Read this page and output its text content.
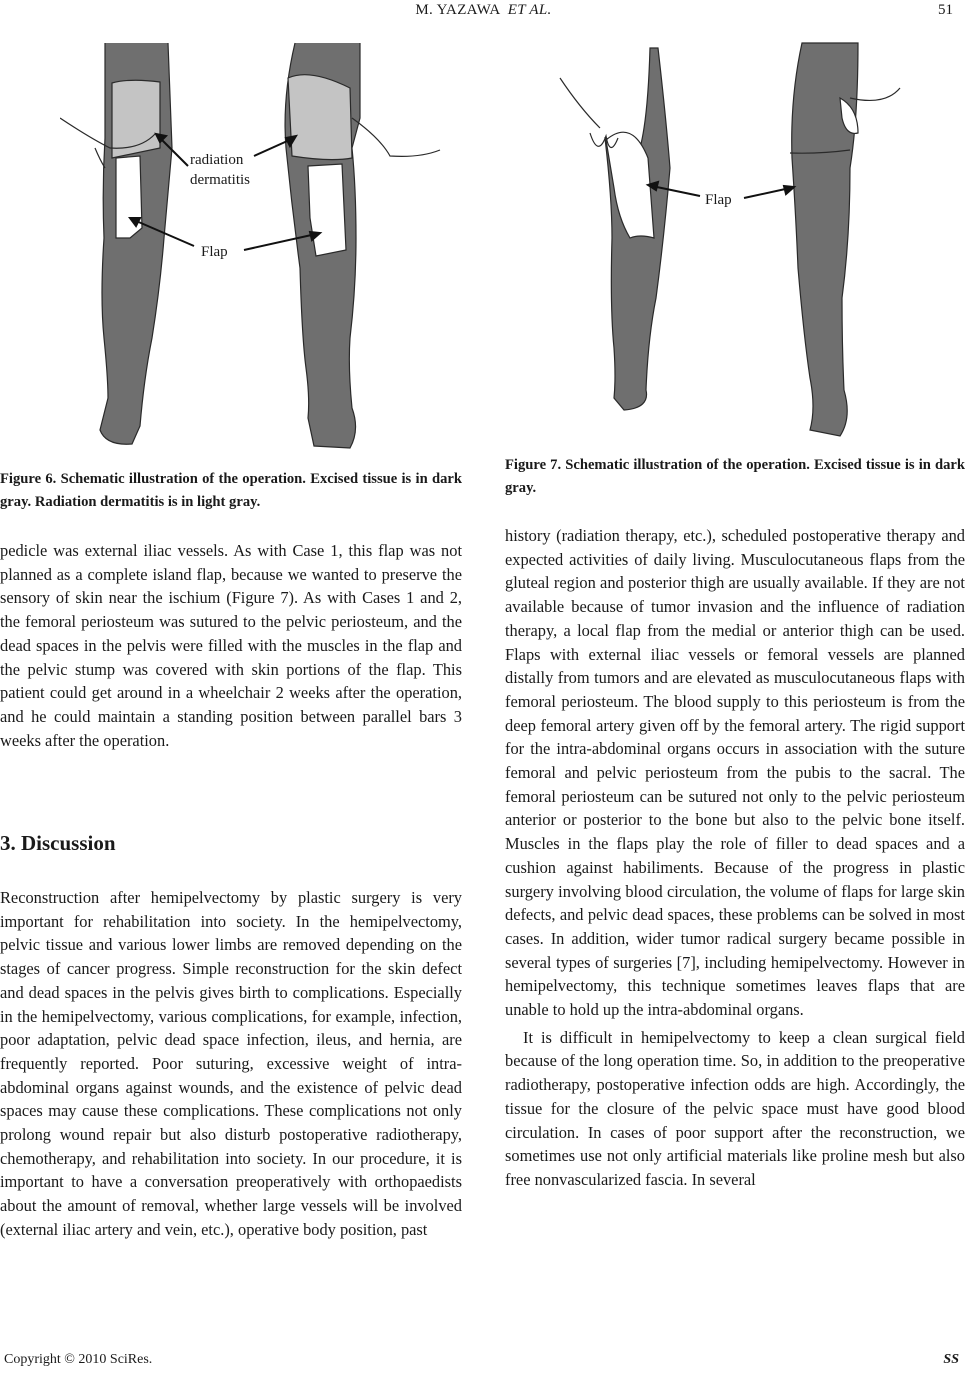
M. YAZAWA ET AL.	51
radiation
dermatitis
Flap
Figure 6. Schematic illustration of the operation. Excised tissue is in dark gray. Radiation dermatitis is in light gray.
Flap
Figure 7. Schematic illustration of the operation. Excised tissue is in dark gray.

pedicle was external iliac vessels. As with Case 1, this flap was not planned as a complete island flap, because we wanted to preserve the sensory of skin near the ischium (Figure 7). As with Cases 1 and 2, the femoral periosteum was sutured to the pelvic periosteum, and the dead spaces in the pelvis were filled with the muscles in the flap and the pelvic stump was covered with skin portions of the flap. This patient could get around in a wheelchair 2 weeks after the operation, and he could maintain a standing position between parallel bars 3 weeks after the operation.

3. Discussion

Reconstruction after hemipelvectomy by plastic surgery is very important for rehabilitation into society. In the hemipelvectomy, pelvic tissue and various lower limbs are removed depending on the stages of cancer progress. Simple reconstruction for the skin defect and dead spaces in the pelvis gives birth to complications. Especially in the hemipelvectomy, various complications, for example, infection, poor adaptation, pelvic dead space infection, ileus, and hernia, are frequently reported. Poor suturing, excessive weight of intra-abdominal organs against wounds, and the existence of pelvic dead spaces may cause these complications. These complications not only prolong wound repair but also disturb postoperative radiotherapy, chemotherapy, and rehabilitation into society. In our procedure, it is important to have a conversation preoperatively with orthopaedists about the amount of removal, whether large vessels will be involved (external iliac artery and vein, etc.), operative body position, past

history (radiation therapy, etc.), scheduled postoperative therapy and expected activities of daily living. Musculocutaneous flaps from the gluteal region and posterior thigh are usually available. If they are not available because of tumor invasion and the influence of radiation therapy, a local flap from the medial or anterior thigh can be used. Flaps with external iliac vessels or femoral vessels are planned distally from tumors and are elevated as musculocutaneous flaps with femoral periosteum. The blood supply to this periosteum is from the deep femoral artery given off by the femoral artery. The rigid support for the intra-abdominal organs occurs in association with the suture femoral and pelvic periosteum from the pubis to the sacral. The femoral periosteum can be sutured not only to the pelvic periosteum anterior or posterior to the bone but also to the pelvic bone itself. Muscles in the flaps play the role of filler to dead spaces and a cushion against habiliments. Because of the progress in plastic surgery involving blood circulation, the volume of flaps for large skin defects, and pelvic dead spaces, these problems can be solved in most cases. In addition, wider tumor radical surgery became possible in several types of surgeries [7], including hemipelvectomy. However in hemipelvectomy, this technique sometimes leaves flaps that are unable to hold up the intra-abdominal organs.

It is difficult in hemipelvectomy to keep a clean surgical field because of the long operation time. So, in addition to the preoperative radiotherapy, postoperative infection odds are high. Accordingly, the tissue for the closure of the pelvic space must have good blood circulation. In cases of poor support after the reconstruction, we sometimes use not only artificial materials like proline mesh but also free nonvascularized fascia. In several

Copyright © 2010 SciRes.	SS
